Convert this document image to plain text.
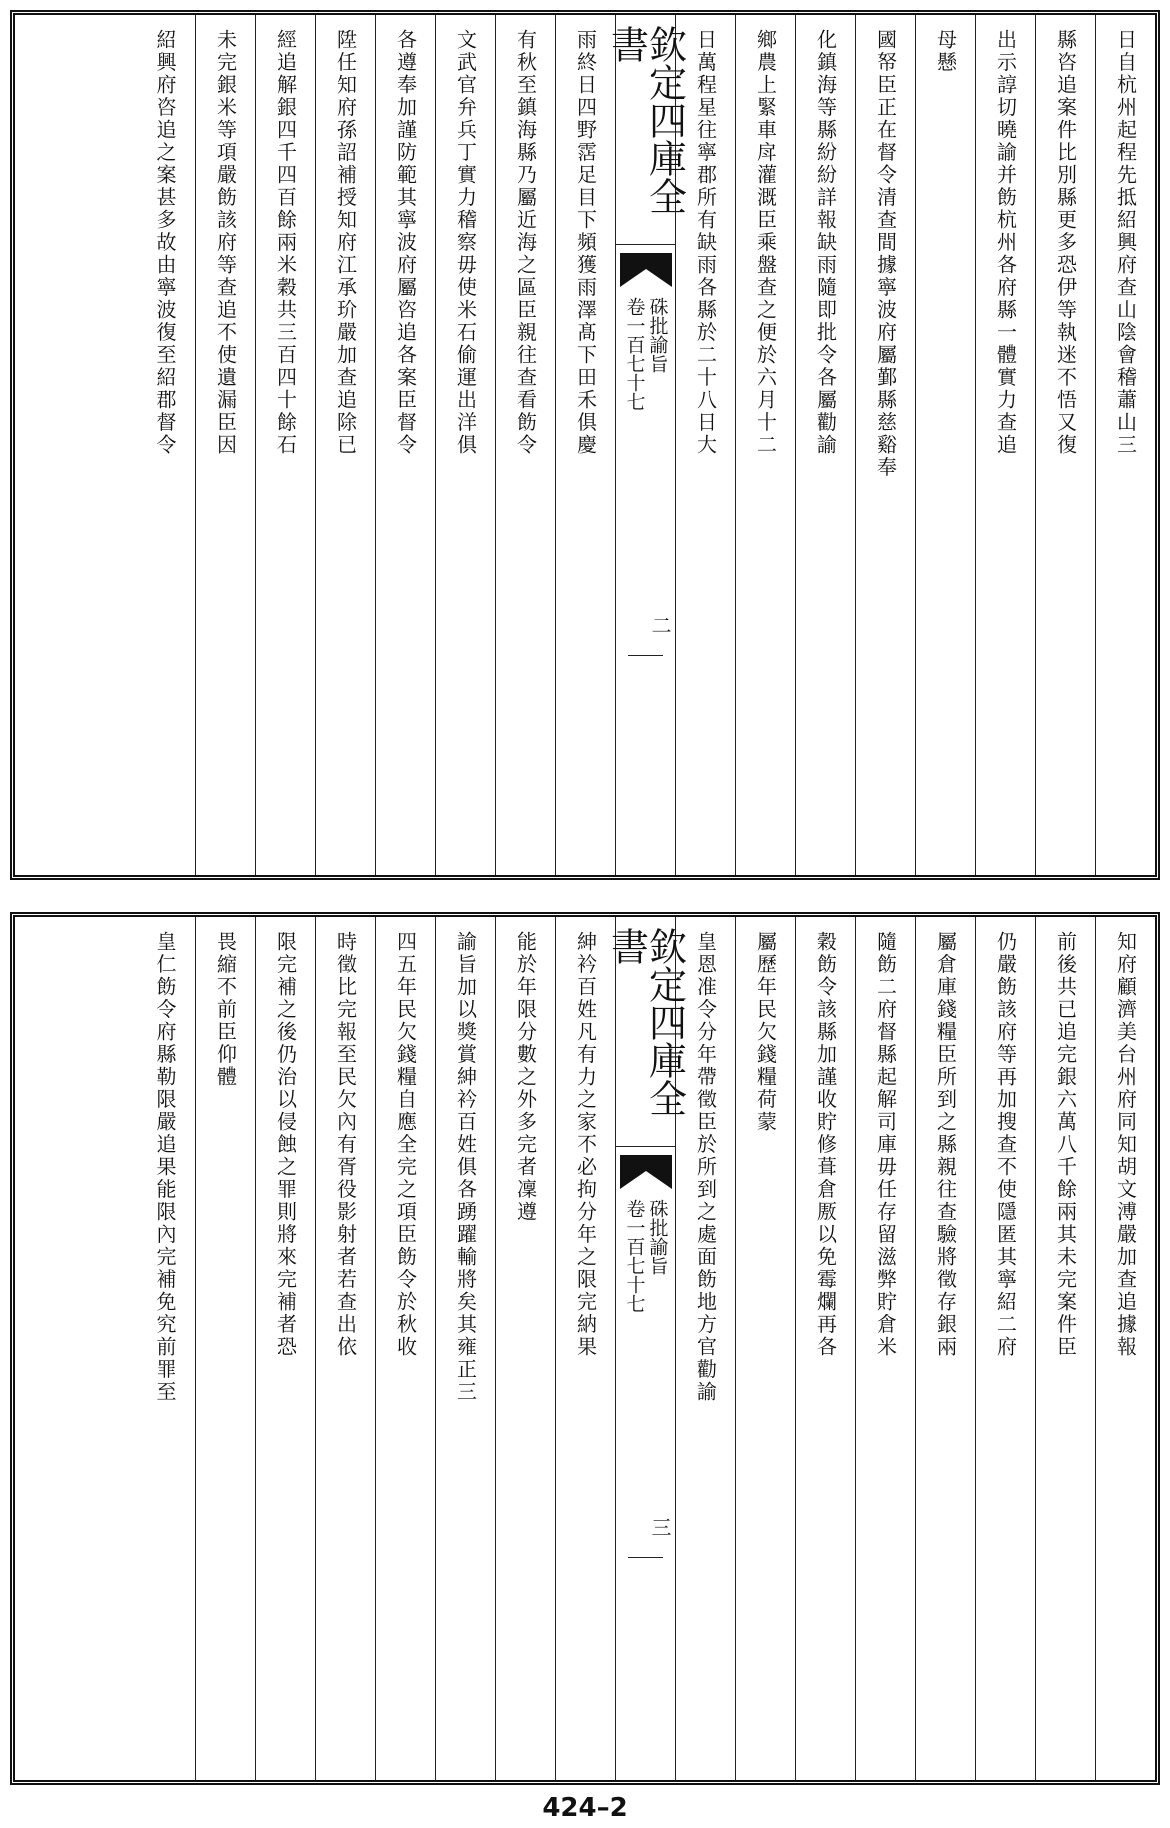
日自杭州起程先抵紹興府查山陰會稽蕭山三
縣咨追案件比別縣更多恐伊等執迷不悟又復
出示諄切曉諭并飭杭州各府縣一體實力查追
母懸
國帑臣正在督令清查間據寧波府屬鄞縣慈谿奉
化鎮海等縣紛紛詳報缺雨隨即批令各屬勸諭
鄉農上緊車戽灌溉臣乘盤查之便於六月十二
日萬程星往寧郡所有缺雨各縣於二十八日大
欽定四庫全書
硃批諭旨
卷一百七十七
二
雨終日四野霑足目下頻獲雨澤髙下田禾俱慶
有秋至鎮海縣乃屬近海之區臣親往查看飭令
文武官弁兵丁實力稽察毋使米石偷運出洋俱
各遵奉加謹防範其寧波府屬咨追各案臣督令
陞任知府孫詔補授知府江承玠嚴加查追除已
經追解銀四千四百餘兩米穀共三百四十餘石
未完銀米等項嚴飭該府等查追不使遺漏臣因
紹興府咨追之案甚多故由寧波復至紹郡督令
知府顧濟美台州府同知胡文溥嚴加查追據報
前後共已追完銀六萬八千餘兩其未完案件臣
仍嚴飭該府等再加搜查不使隱匿其寧紹二府
屬倉庫錢糧臣所到之縣親往查驗將徵存銀兩
隨飭二府督縣起解司庫毋任存留滋弊貯倉米
穀飭令該縣加謹收貯修葺倉厫以免霉爛再各
屬歷年民欠錢糧荷蒙
皇恩准令分年帶徵臣於所到之處面飭地方官勸諭
欽定四庫全書
硃批諭旨
卷一百七十七
三
紳衿百姓凡有力之家不必拘分年之限完納果
能於年限分數之外多完者凜遵
諭旨加以獎賞紳衿百姓俱各踴躍輸將矣其雍正三
四五年民欠錢糧自應全完之項臣飭令於秋收
時徵比完報至民欠內有胥役影射者若查出依
限完補之後仍治以侵蝕之罪則將來完補者恐
畏縮不前臣仰體
皇仁飭令府縣勒限嚴追果能限內完補免究前罪至
424–2
